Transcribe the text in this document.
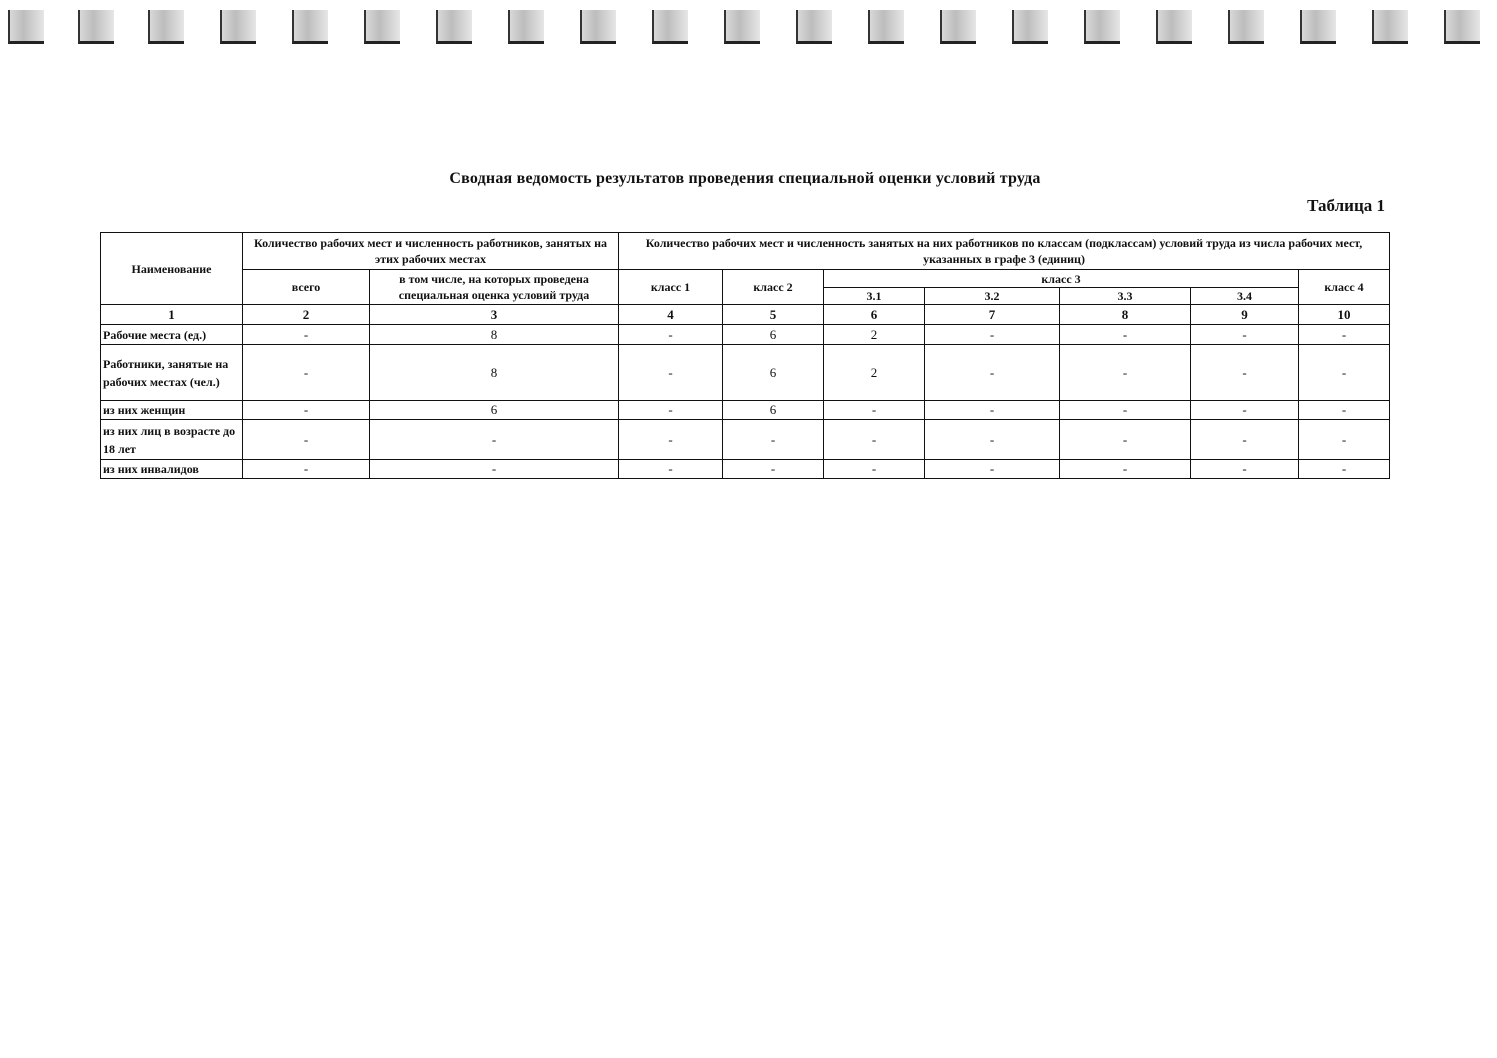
Сводная ведомость результатов проведения специальной оценки условий труда
Таблица 1
Наименование	Количество рабочих мест и численность работников, занятых на этих рабочих местах		Количество рабочих мест и численность занятых на них работников по классам (подклассам) условий труда из числа рабочих мест, указанных в графе 3 (единиц)						
	всего	в том числе, на которых проведена специальная оценка условий труда	класс 1	класс 2	класс 3				класс 4
					3.1	3.2	3.3	3.4	
1	2	3	4	5	6	7	8	9	10
Рабочие места (ед.)	-	8	-	6	2	-	-	-	-
Работники, занятые на рабочих местах (чел.)	-	8	-	6	2	-	-	-	-
из них женщин	-	6	-	6	-	-	-	-	-
из них лиц в возрасте до 18 лет	-	-	-	-	-	-	-	-	-
из них инвалидов	-	-	-	-	-	-	-	-	-
